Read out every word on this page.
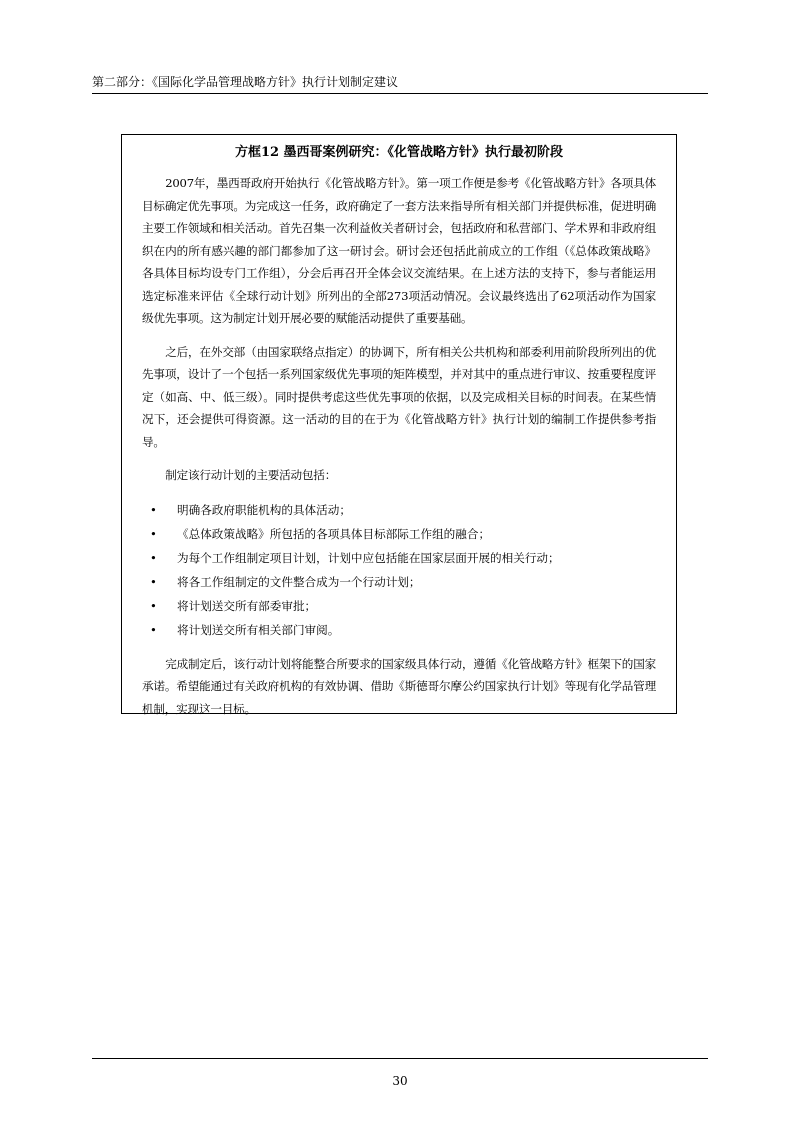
第二部分：《国际化学品管理战略方针》执行计划制定建议
方框12 墨西哥案例研究：《化管战略方针》执行最初阶段

2007年，墨西哥政府开始执行《化管战略方针》。第一项工作便是参考《化管战略方针》各项具体目标确定优先事项。为完成这一任务，政府确定了一套方法来指导所有相关部门并提供标准，促进明确主要工作领域和相关活动。首先召集一次利益攸关者研讨会，包括政府和私营部门、学术界和非政府组织在内的所有感兴趣的部门都参加了这一研讨会。研讨会还包括此前成立的工作组（《总体政策战略》各具体目标均设专门工作组），分会后再召开全体会议交流结果。在上述方法的支持下，参与者能运用选定标准来评估《全球行动计划》所列出的全部273项活动情况。会议最终选出了62项活动作为国家级优先事项。这为制定计划开展必要的赋能活动提供了重要基础。

之后，在外交部（由国家联络点指定）的协调下，所有相关公共机构和部委利用前阶段所列出的优先事项，设计了一个包括一系列国家级优先事项的矩阵模型，并对其中的重点进行审议、按重要程度评定（如高、中、低三级）。同时提供考虑这些优先事项的依据，以及完成相关目标的时间表。在某些情况下，还会提供可得资源。这一活动的目的在于为《化管战略方针》执行计划的编制工作提供参考指导。

制定该行动计划的主要活动包括：

• 明确各政府职能机构的具体活动；
• 《总体政策战略》所包括的各项具体目标部际工作组的融合；
• 为每个工作组制定项目计划，计划中应包括能在国家层面开展的相关行动；
• 将各工作组制定的文件整合成为一个行动计划；
• 将计划送交所有部委审批；
• 将计划送交所有相关部门审阅。

完成制定后，该行动计划将能整合所要求的国家级具体行动，遵循《化管战略方针》框架下的国家承诺。希望能通过有关政府机构的有效协调、借助《斯德哥尔摩公约国家执行计划》等现有化学品管理机制，实现这一目标。

30
